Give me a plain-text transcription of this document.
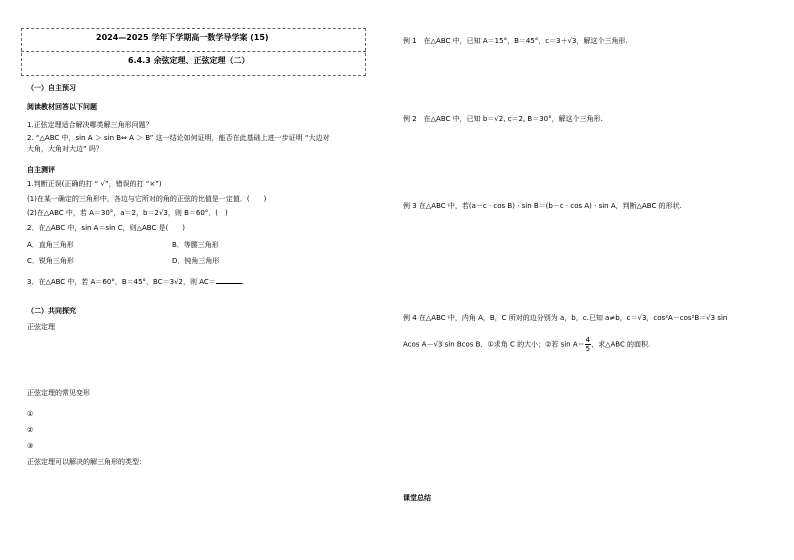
2024—2025 学年下学期高一数学导学案 (15)
6.4.3 余弦定理、正弦定理（二）
（一）自主预习
阅读教材回答以下问题
1.正弦定理适合解决哪类解三角形问题？
2. “△ABC 中，sin A ＞ sin B⇔ A ＞ B” 这一结论如何证明，能否在此基础上进一步证明 “大边对
大角，大角对大边” 吗？
自主测评
1.判断正误(正确的打 “ √”，错误的打 “×”)
(1)在某一确定的三角形中，各边与它所对的角的正弦的比值是一定值．(　　)
(2)在△ABC 中，若 A＝30°，a＝2，b＝2√3，则 B＝60°．(　)
2．在△ABC 中，sin A＝sin C，则△ABC 是(　　)
A．直角三角形	B．等腰三角形
C．锐角三角形	D．钝角三角形
3．在△ABC 中，若 A＝60°，B＝45°，BC＝3√2，则 AC＝	.
（二）共同探究
正弦定理
正弦定理的常见变形
①
②
③
正弦定理可以解决的解三角形的类型：
例 1　在△ABC 中，已知 A＝15°，B＝45°，c＝3＋√3，解这个三角形.
例 2　在△ABC 中，已知 b＝√2, c＝2, B＝30°，解这个三角形.
例 3 在△ABC 中，若(a－c · cos B) · sin B＝(b－c · cos A) · sin A，判断△ABC 的形状.
例 4 在△ABC 中，内角 A，B，C 所对的边分别为 a，b，c.已知 a≠b，c＝√3，cos²A－cos²B＝√3 sin
Acos A－√3 sin Bcos B．①求角 C 的大小；②若 $\sin A= \frac{4}{5}$ ，求△ABC 的面积.
课堂总结
